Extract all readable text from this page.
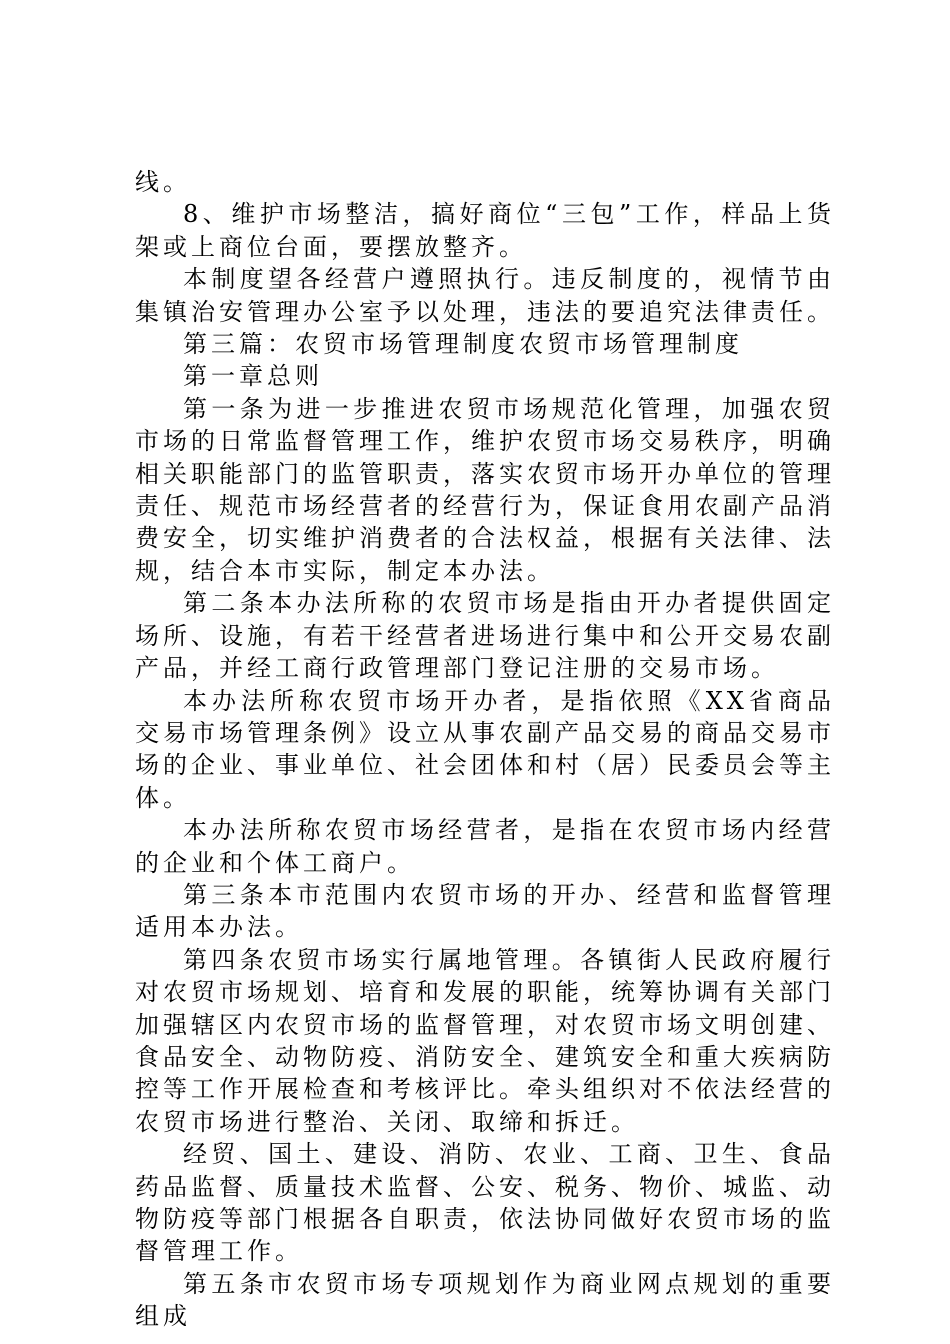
线。

8、维护市场整洁，搞好商位“三包”工作，样品上货架或上商位台面，要摆放整齐。

本制度望各经营户遵照执行。违反制度的，视情节由集镇治安管理办公室予以处理，违法的要追究法律责任。

第三篇：农贸市场管理制度农贸市场管理制度

第一章总则

第一条为进一步推进农贸市场规范化管理，加强农贸市场的日常监督管理工作，维护农贸市场交易秩序，明确相关职能部门的监管职责，落实农贸市场开办单位的管理责任、规范市场经营者的经营行为，保证食用农副产品消费安全，切实维护消费者的合法权益，根据有关法律、法规，结合本市实际，制定本办法。

第二条本办法所称的农贸市场是指由开办者提供固定场所、设施，有若干经营者进场进行集中和公开交易农副产品，并经工商行政管理部门登记注册的交易市场。

本办法所称农贸市场开办者，是指依照《XX省商品交易市场管理条例》设立从事农副产品交易的商品交易市场的企业、事业单位、社会团体和村（居）民委员会等主体。

本办法所称农贸市场经营者，是指在农贸市场内经营的企业和个体工商户。

第三条本市范围内农贸市场的开办、经营和监督管理适用本办法。

第四条农贸市场实行属地管理。各镇街人民政府履行对农贸市场规划、培育和发展的职能，统筹协调有关部门加强辖区内农贸市场的监督管理，对农贸市场文明创建、食品安全、动物防疫、消防安全、建筑安全和重大疾病防控等工作开展检查和考核评比。牵头组织对不依法经营的农贸市场进行整治、关闭、取缔和拆迁。

经贸、国土、建设、消防、农业、工商、卫生、食品药品监督、质量技术监督、公安、税务、物价、城监、动物防疫等部门根据各自职责，依法协同做好农贸市场的监督管理工作。

第五条市农贸市场专项规划作为商业网点规划的重要组成
